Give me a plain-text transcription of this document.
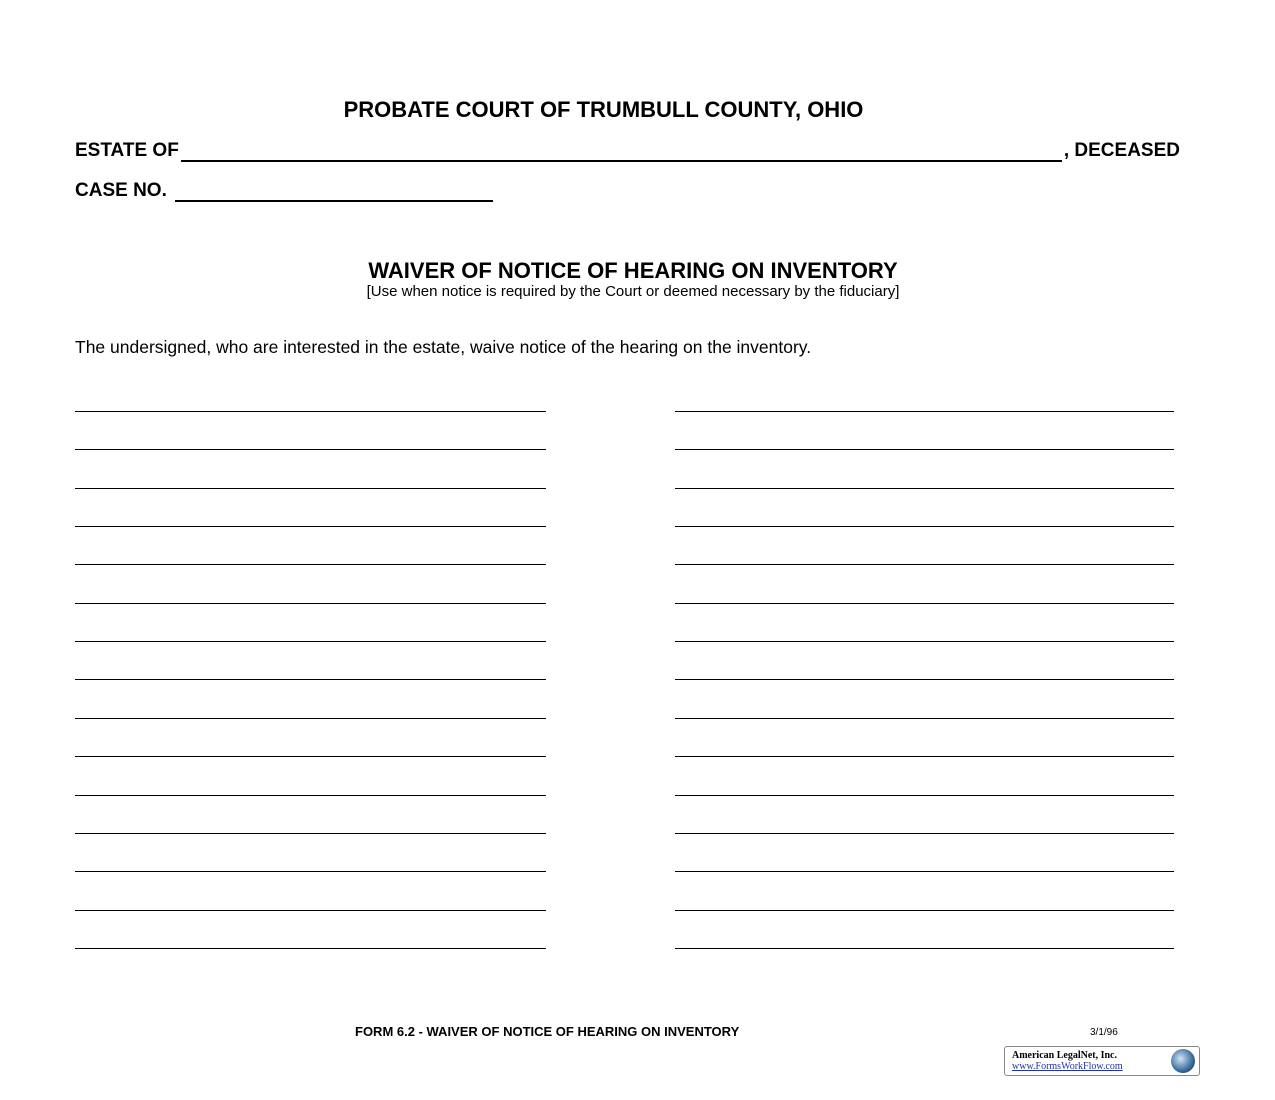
PROBATE COURT OF TRUMBULL COUNTY, OHIO
ESTATE OF	, DECEASED
CASE NO.
WAIVER OF NOTICE OF HEARING ON INVENTORY
[Use when notice is required by the Court or deemed necessary by the fiduciary]
The undersigned, who are interested in the estate, waive notice of the hearing on the inventory.
FORM 6.2 - WAIVER OF NOTICE OF HEARING ON INVENTORY	3/1/96
American LegalNet, Inc.
www.FormsWorkFlow.com
